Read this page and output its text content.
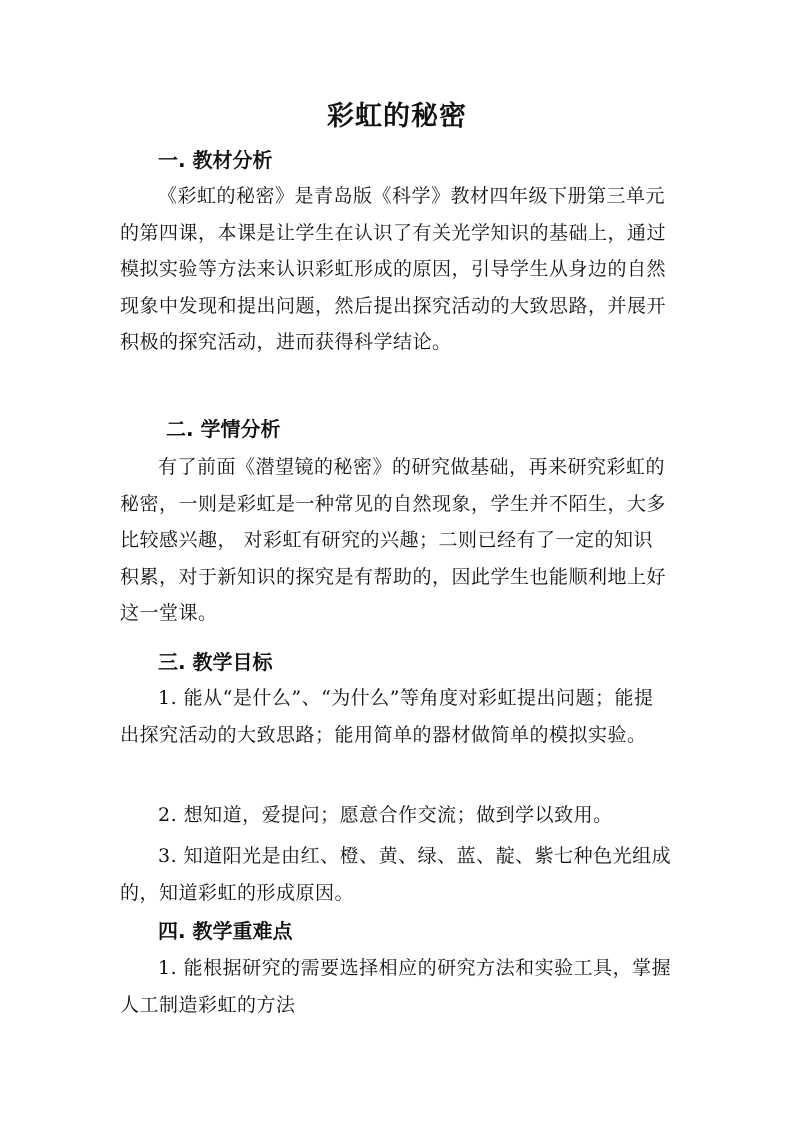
彩虹的秘密
一. 教材分析

《彩虹的秘密》是青岛版《科学》教材四年级下册第三单元的第四课，本课是让学生在认识了有关光学知识的基础上，通过模拟实验等方法来认识彩虹形成的原因，引导学生从身边的自然现象中发现和提出问题，然后提出探究活动的大致思路，并展开积极的探究活动，进而获得科学结论。

二. 学情分析

有了前面《潜望镜的秘密》的研究做基础，再来研究彩虹的秘密，一则是彩虹是一种常见的自然现象，学生并不陌生，大多比较感兴趣， 对彩虹有研究的兴趣；二则已经有了一定的知识积累，对于新知识的探究是有帮助的，因此学生也能顺利地上好这一堂课。

三. 教学目标

1. 能从“是什么”、“为什么”等角度对彩虹提出问题；能提出探究活动的大致思路；能用简单的器材做简单的模拟实验。

2. 想知道，爱提问；愿意合作交流；做到学以致用。

3. 知道阳光是由红、橙、黄、绿、蓝、靛、紫七种色光组成的，知道彩虹的形成原因。

四. 教学重难点

1. 能根据研究的需要选择相应的研究方法和实验工具，掌握人工制造彩虹的方法
